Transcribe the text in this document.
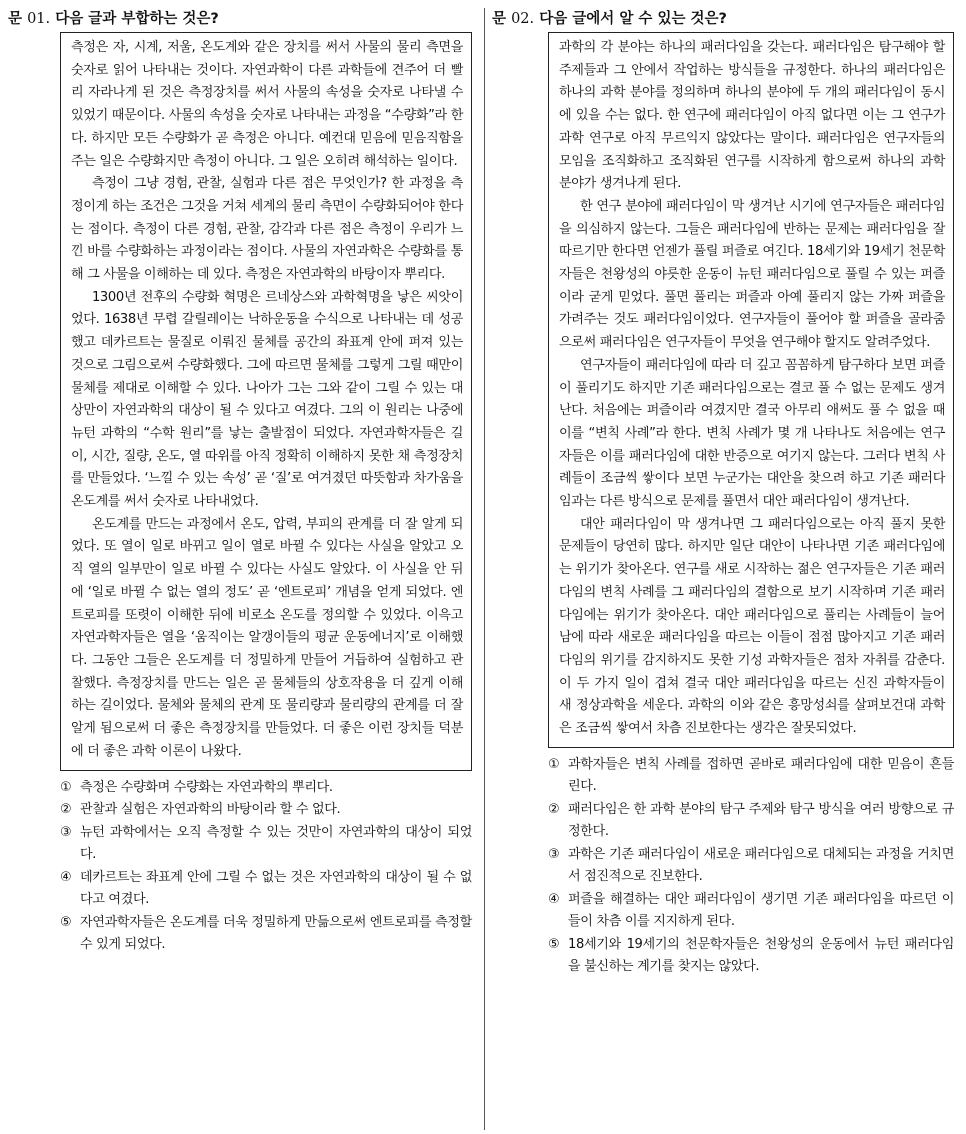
문 01. 다음 글과 부합하는 것은?

측정은 자, 시계, 저울, 온도계와 같은 장치를 써서 사물의 물리 측면을 숫자로 읽어 나타내는 것이다. 자연과학이 다른 과학들에 견주어 더 빨리 자라나게 된 것은 측정장치를 써서 사물의 속성을 숫자로 나타낼 수 있었기 때문이다. 사물의 속성을 숫자로 나타내는 과정을 “수량화”라 한다. 하지만 모든 수량화가 곧 측정은 아니다. 예컨대 믿음에 믿음직함을 주는 일은 수량화지만 측정이 아니다. 그 일은 오히려 해석하는 일이다.

측정이 그냥 경험, 관찰, 실험과 다른 점은 무엇인가? 한 과정을 측정이게 하는 조건은 그것을 거쳐 세계의 물리 측면이 수량화되어야 한다는 점이다. 측정이 다른 경험, 관찰, 감각과 다른 점은 측정이 우리가 느낀 바를 수량화하는 과정이라는 점이다. 사물의 자연과학은 수량화를 통해 그 사물을 이해하는 데 있다. 측정은 자연과학의 바탕이자 뿌리다.

1300년 전후의 수량화 혁명은 르네상스와 과학혁명을 낳은 씨앗이었다. 1638년 무렵 갈릴레이는 낙하운동을 수식으로 나타내는 데 성공했고 데카르트는 물질로 이뤄진 물체를 공간의 좌표계 안에 퍼져 있는 것으로 그림으로써 수량화했다. 그에 따르면 물체를 그렇게 그릴 때만이 물체를 제대로 이해할 수 있다. 나아가 그는 그와 같이 그릴 수 있는 대상만이 자연과학의 대상이 될 수 있다고 여겼다. 그의 이 원리는 나중에 뉴턴 과학의 “수학 원리”를 낳는 출발점이 되었다. 자연과학자들은 길이, 시간, 질량, 온도, 열 따위를 아직 정확히 이해하지 못한 채 측정장치를 만들었다. ‘느낄 수 있는 속성’ 곧 ‘질’로 여겨졌던 따뜻함과 차가움을 온도계를 써서 숫자로 나타내었다.

온도계를 만드는 과정에서 온도, 압력, 부피의 관계를 더 잘 알게 되었다. 또 열이 일로 바뀌고 일이 열로 바뀔 수 있다는 사실을 알았고 오직 열의 일부만이 일로 바뀔 수 있다는 사실도 알았다. 이 사실을 안 뒤에 ‘일로 바뀔 수 없는 열의 정도’ 곧 ‘엔트로피’ 개념을 얻게 되었다. 엔트로피를 또렷이 이해한 뒤에 비로소 온도를 정의할 수 있었다. 이윽고 자연과학자들은 열을 ‘움직이는 알갱이들의 평균 운동에너지’로 이해했다. 그동안 그들은 온도계를 더 정밀하게 만들어 거듭하여 실험하고 관찰했다. 측정장치를 만드는 일은 곧 물체들의 상호작용을 더 깊게 이해하는 길이었다. 물체와 물체의 관계 또 물리량과 물리량의 관계를 더 잘 알게 됨으로써 더 좋은 측정장치를 만들었다. 더 좋은 이런 장치들 덕분에 더 좋은 과학 이론이 나왔다.

① 측정은 수량화며 수량화는 자연과학의 뿌리다.
② 관찰과 실험은 자연과학의 바탕이라 할 수 없다.
③ 뉴턴 과학에서는 오직 측정할 수 있는 것만이 자연과학의 대상이 되었다.
④ 데카르트는 좌표계 안에 그릴 수 없는 것은 자연과학의 대상이 될 수 없다고 여겼다.
⑤ 자연과학자들은 온도계를 더욱 정밀하게 만듦으로써 엔트로피를 측정할 수 있게 되었다.
문 02. 다음 글에서 알 수 있는 것은?

과학의 각 분야는 하나의 패러다임을 갖는다. 패러다임은 탐구해야 할 주제들과 그 안에서 작업하는 방식들을 규정한다. 하나의 패러다임은 하나의 과학 분야를 정의하며 하나의 분야에 두 개의 패러다임이 동시에 있을 수는 없다. 한 연구에 패러다임이 아직 없다면 이는 그 연구가 과학 연구로 아직 무르익지 않았다는 말이다. 패러다임은 연구자들의 모임을 조직화하고 조직화된 연구를 시작하게 함으로써 하나의 과학 분야가 생겨나게 된다.

한 연구 분야에 패러다임이 막 생겨난 시기에 연구자들은 패러다임을 의심하지 않는다. 그들은 패러다임에 반하는 문제는 패러다임을 잘 따르기만 한다면 언젠가 풀릴 퍼즐로 여긴다. 18세기와 19세기 천문학자들은 천왕성의 야릇한 운동이 뉴턴 패러다임으로 풀릴 수 있는 퍼즐이라 굳게 믿었다. 풀면 풀리는 퍼즐과 아예 풀리지 않는 가짜 퍼즐을 가려주는 것도 패러다임이었다. 연구자들이 풀어야 할 퍼즐을 골라줌으로써 패러다임은 연구자들이 무엇을 연구해야 할지도 알려주었다.

연구자들이 패러다임에 따라 더 깊고 꼼꼼하게 탐구하다 보면 퍼즐이 풀리기도 하지만 기존 패러다임으로는 결코 풀 수 없는 문제도 생겨난다. 처음에는 퍼즐이라 여겼지만 결국 아무리 애써도 풀 수 없을 때 이를 “변칙 사례”라 한다. 변칙 사례가 몇 개 나타나도 처음에는 연구자들은 이를 패러다임에 대한 반증으로 여기지 않는다. 그러다 변칙 사례들이 조금씩 쌓이다 보면 누군가는 대안을 찾으려 하고 기존 패러다임과는 다른 방식으로 문제를 풀면서 대안 패러다임이 생겨난다.

대안 패러다임이 막 생겨나면 그 패러다임으로는 아직 풀지 못한 문제들이 당연히 많다. 하지만 일단 대안이 나타나면 기존 패러다임에는 위기가 찾아온다. 연구를 새로 시작하는 젊은 연구자들은 기존 패러다임의 변칙 사례를 그 패러다임의 결함으로 보기 시작하며 기존 패러다임에는 위기가 찾아온다. 대안 패러다임으로 풀리는 사례들이 늘어남에 따라 새로운 패러다임을 따르는 이들이 점점 많아지고 기존 패러다임의 위기를 감지하지도 못한 기성 과학자들은 점차 자취를 감춘다. 이 두 가지 일이 겹쳐 결국 대안 패러다임을 따르는 신진 과학자들이 새 정상과학을 세운다. 과학의 이와 같은 흥망성쇠를 살펴보건대 과학은 조금씩 쌓여서 차츰 진보한다는 생각은 잘못되었다.

① 과학자들은 변칙 사례를 접하면 곧바로 패러다임에 대한 믿음이 흔들린다.
② 패러다임은 한 과학 분야의 탐구 주제와 탐구 방식을 여러 방향으로 규정한다.
③ 과학은 기존 패러다임이 새로운 패러다임으로 대체되는 과정을 거치면서 점진적으로 진보한다.
④ 퍼즐을 해결하는 대안 패러다임이 생기면 기존 패러다임을 따르던 이들이 차츰 이를 지지하게 된다.
⑤ 18세기와 19세기의 천문학자들은 천왕성의 운동에서 뉴턴 패러다임을 불신하는 계기를 찾지는 않았다.
